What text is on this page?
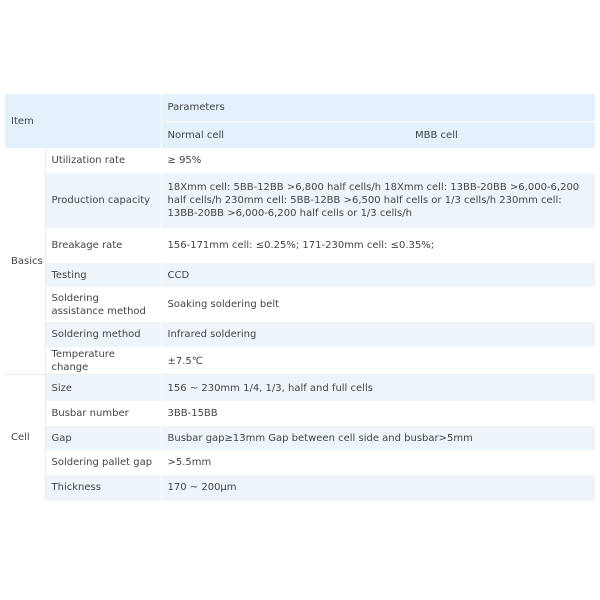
Item		Parameters	
		Normal cell	MBB cell
Basics	Utilization rate	≥ 95%	
	Production capacity	18Xmm cell: 5BB-12BB >6,800 half cells/h 18Xmm cell: 13BB-20BB >6,000-6,200 half cells/h 230mm cell: 5BB-12BB >6,500 half cells or 1/3 cells/h 230mm cell: 13BB-20BB >6,000-6,200 half cells or 1/3 cells/h	
	Breakage rate	156-171mm cell: ≤0.25%; 171-230mm cell: ≤0.35%;	
	Testing	CCD	
	Soldering assistance method	Soaking soldering belt	
	Soldering method	Infrared soldering	
	Temperature change	±7.5℃	
Cell	Size	156 ~ 230mm 1/4, 1/3, half and full cells	
	Busbar number	3BB-15BB	
	Gap	Busbar gap≥13mm Gap between cell side and busbar>5mm	
	Soldering pallet gap	>5.5mm	
	Thickness	170 ~ 200μm	
